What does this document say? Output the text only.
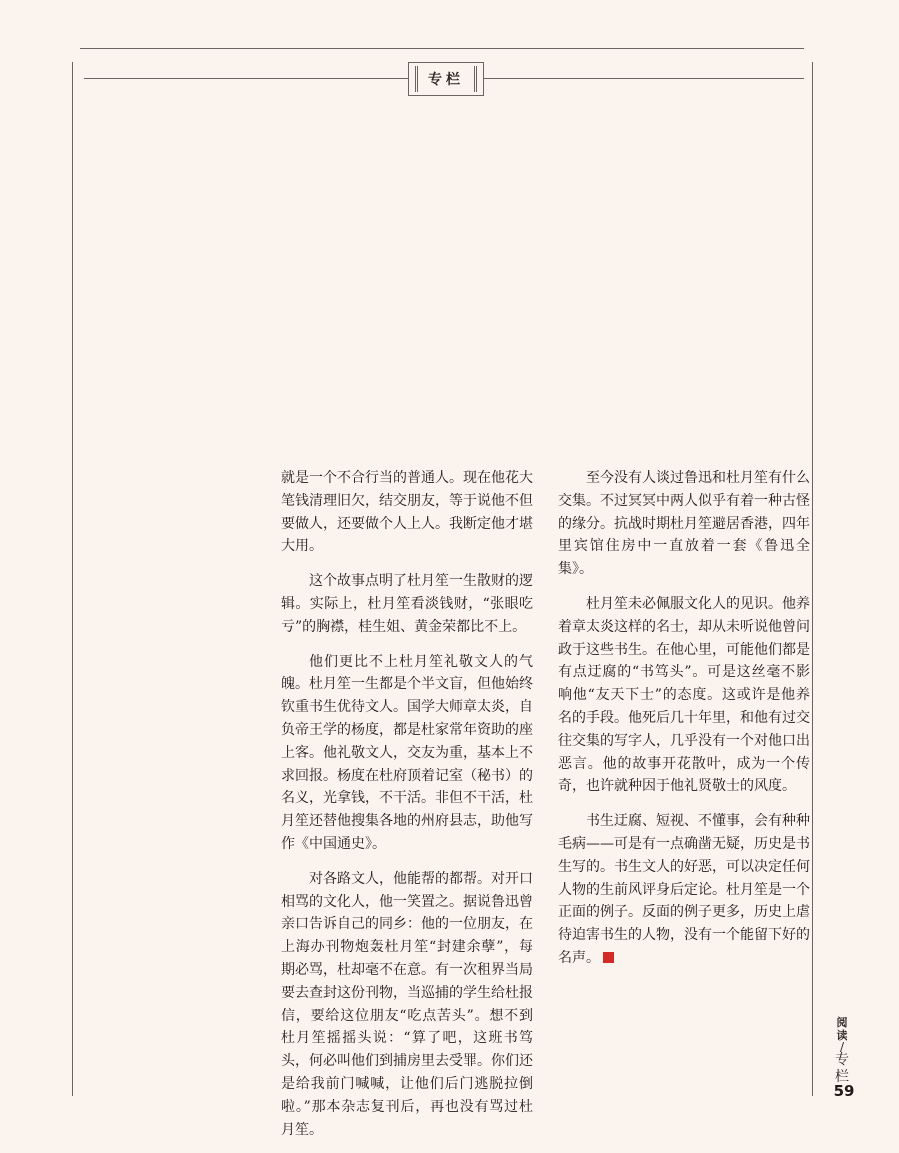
专栏

就是一个不合行当的普通人。现在他花大笔钱清理旧欠，结交朋友，等于说他不但要做人，还要做个人上人。我断定他才堪大用。

这个故事点明了杜月笙一生散财的逻辑。实际上，杜月笙看淡钱财，“张眼吃亏”的胸襟，桂生姐、黄金荣都比不上。

他们更比不上杜月笙礼敬文人的气魄。杜月笙一生都是个半文盲，但他始终钦重书生优待文人。国学大师章太炎，自负帝王学的杨度，都是杜家常年资助的座上客。他礼敬文人，交友为重，基本上不求回报。杨度在杜府顶着记室（秘书）的名义，光拿钱，不干活。非但不干活，杜月笙还替他搜集各地的州府县志，助他写作《中国通史》。

对各路文人，他能帮的都帮。对开口相骂的文化人，他一笑置之。据说鲁迅曾亲口告诉自己的同乡：他的一位朋友，在上海办刊物炮轰杜月笙“封建余孽”，每期必骂，杜却毫不在意。有一次租界当局要去查封这份刊物，当巡捕的学生给杜报信，要给这位朋友“吃点苦头”。想不到杜月笙摇摇头说：“算了吧，这班书笃头，何必叫他们到捕房里去受罪。你们还是给我前门喊喊，让他们后门逃脱拉倒啦。”那本杂志复刊后，再也没有骂过杜月笙。

至今没有人谈过鲁迅和杜月笙有什么交集。不过冥冥中两人似乎有着一种古怪的缘分。抗战时期杜月笙避居香港，四年里宾馆住房中一直放着一套《鲁迅全集》。

杜月笙未必佩服文化人的见识。他养着章太炎这样的名士，却从未听说他曾问政于这些书生。在他心里，可能他们都是有点迂腐的“书笃头”。可是这丝毫不影响他“友天下士”的态度。这或许是他养名的手段。他死后几十年里，和他有过交往交集的写字人，几乎没有一个对他口出恶言。他的故事开花散叶，成为一个传奇，也许就种因于他礼贤敬士的风度。

书生迂腐、短视、不懂事，会有种种毛病——可是有一点确凿无疑，历史是书生写的。书生文人的好恶，可以决定任何人物的生前风评身后定论。杜月笙是一个正面的例子。反面的例子更多，历史上虐待迫害书生的人物，没有一个能留下好的名声。

阅读
/
专
栏
59
